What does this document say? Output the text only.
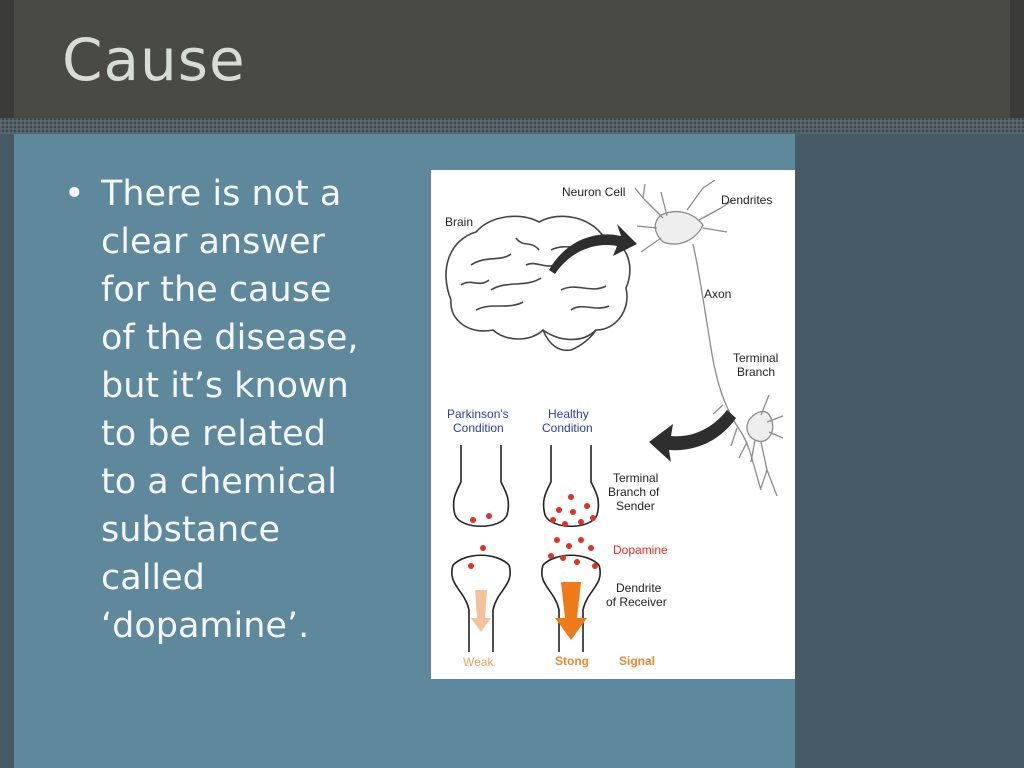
Cause
• There is not a
clear answer
for the cause
of the disease,
but it’s known
to be related
to a chemical
substance
called
‘dopamine’.
Brain
Neuron Cell
Dendrites
Axon
Terminal
Branch
Parkinson's
Condition
Healthy
Condition
Terminal
Branch of
Sender
Dopamine
Dendrite
of Receiver
Weak	Stong	Signal
